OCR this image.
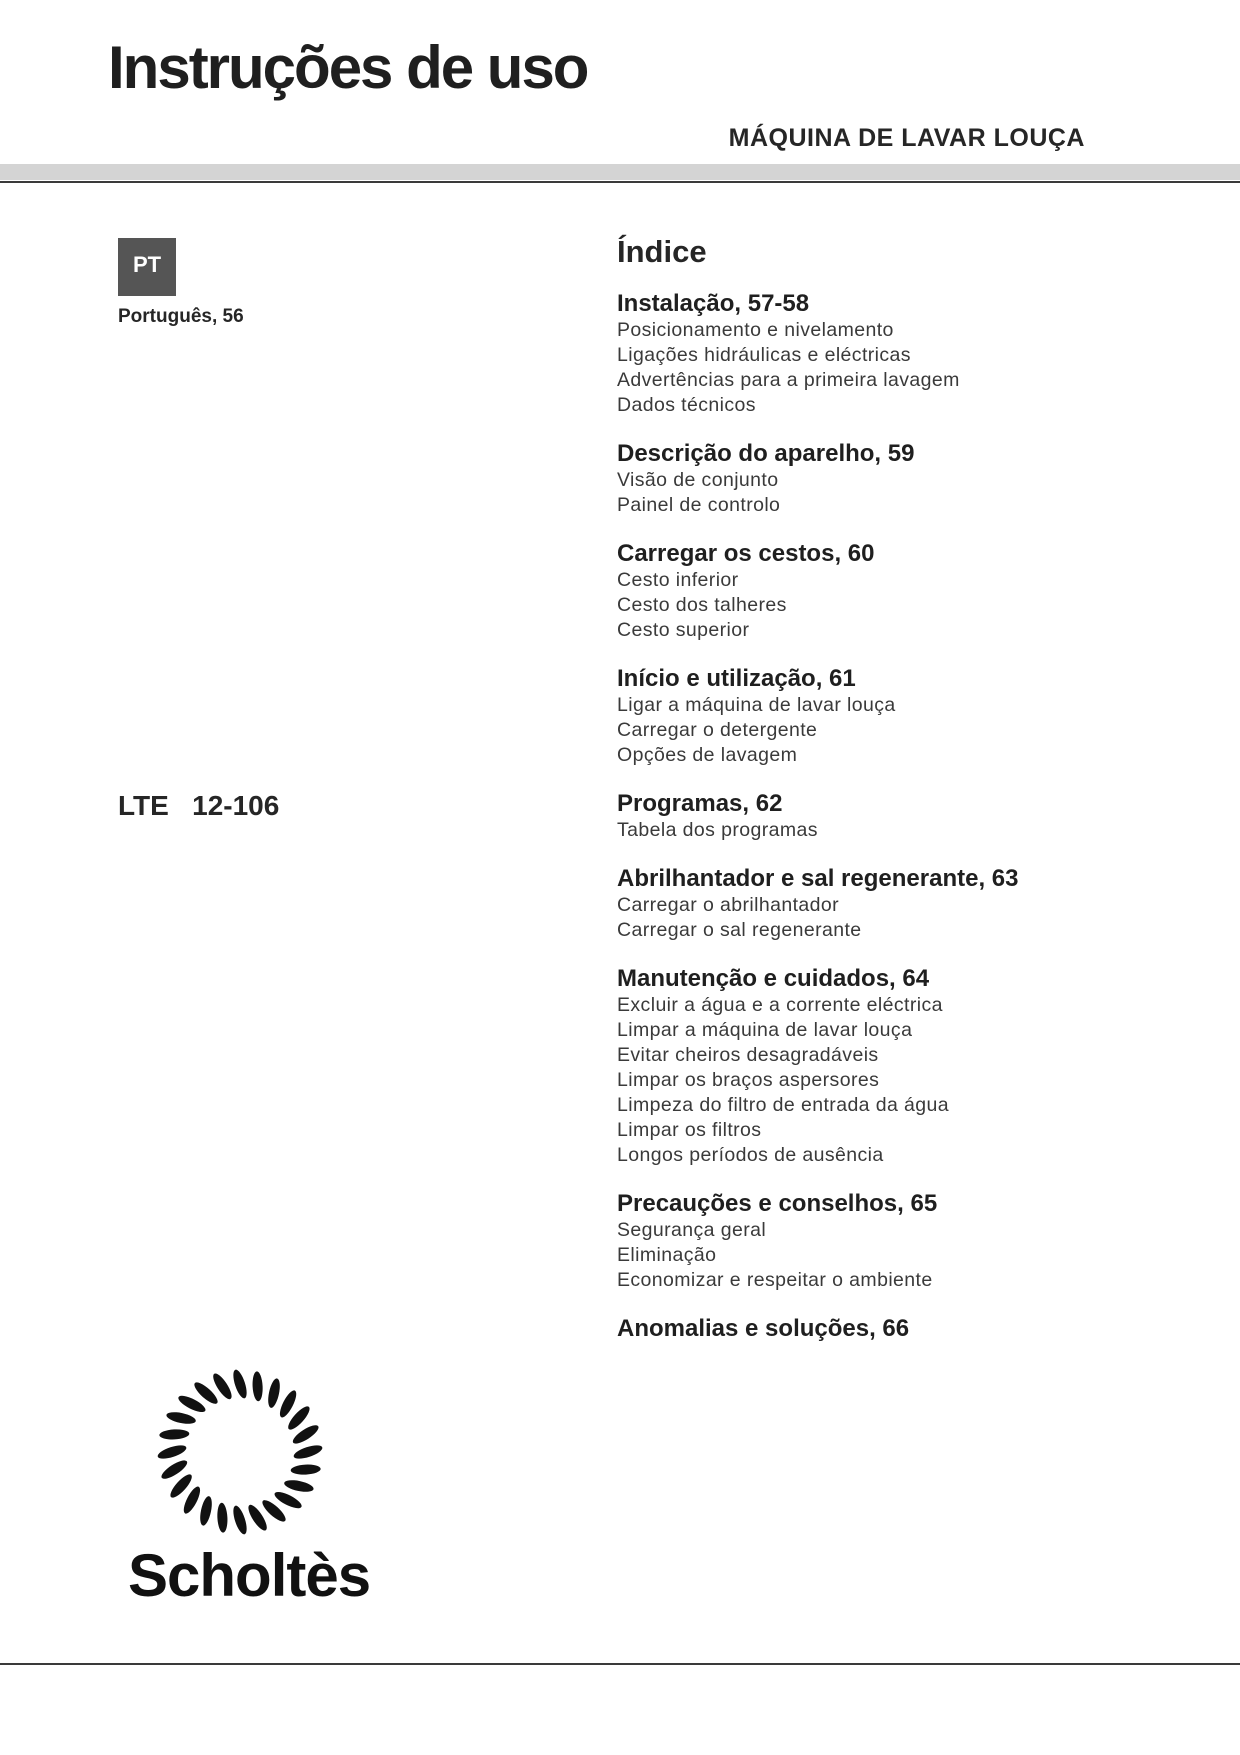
Instruções de uso
MÁQUINA DE LAVAR LOUÇA
PT
Português, 56
LTE   12-106
Índice
Instalação, 57-58
Posicionamento e nivelamento
Ligações hidráulicas e eléctricas
Advertências para a primeira lavagem
Dados técnicos
Descrição do aparelho, 59
Visão de conjunto
Painel de controlo
Carregar os cestos, 60
Cesto inferior
Cesto dos talheres
Cesto superior
Início e utilização, 61
Ligar a máquina de lavar louça
Carregar o detergente
Opções de lavagem
Programas, 62
Tabela dos programas
Abrilhantador e sal regenerante, 63
Carregar o abrilhantador
Carregar o sal regenerante
Manutenção e cuidados, 64
Excluir a água e a corrente eléctrica
Limpar a máquina de lavar louça
Evitar cheiros desagradáveis
Limpar os braços aspersores
Limpeza do filtro de entrada da água
Limpar os filtros
Longos períodos de ausência
Precauções e conselhos, 65
Segurança geral
Eliminação
Economizar e respeitar o ambiente
Anomalias e soluções, 66
Scholtès
